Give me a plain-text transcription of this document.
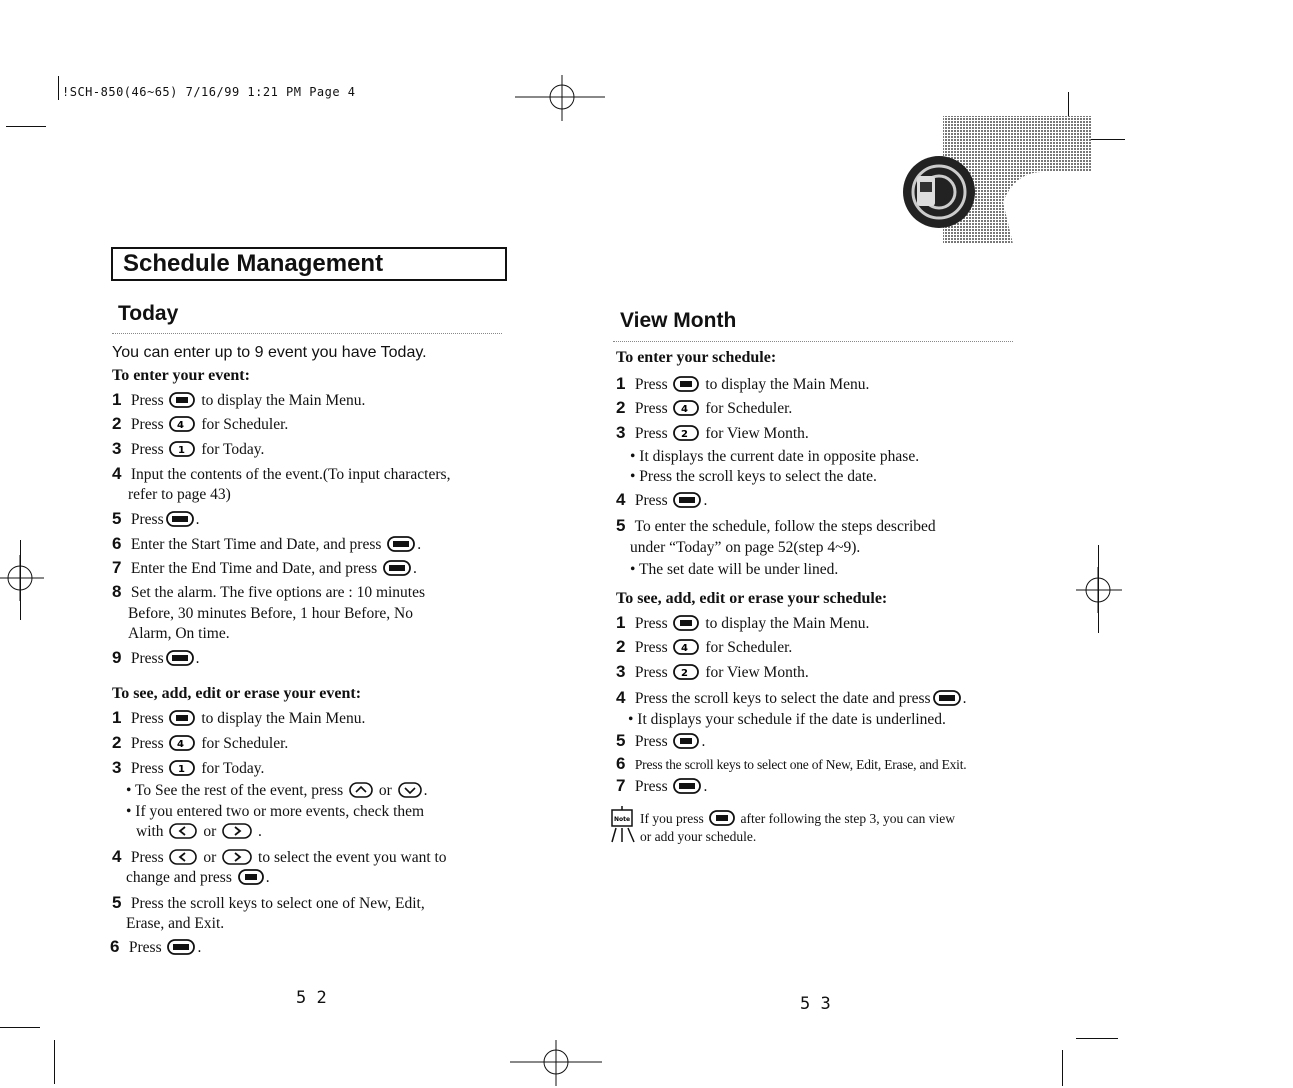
!SCH-850(46~65) 7/16/99 1:21 PM Page 4
Schedule Management
Today
You can enter up to 9 event you have Today.
To enter your event:
1 Press to display the Main Menu.
2 Press 4 for Scheduler.
3 Press 1 for Today.
4 Input the contents of the event.(To input characters,
refer to page 43)
5 Press .
6 Enter the Start Time and Date, and press .
7 Enter the End Time and Date, and press .
8 Set the alarm. The five options are : 10 minutes
Before, 30 minutes Before, 1 hour Before, No
Alarm, On time.
9 Press .
To see, add, edit or erase your event:
1 Press to display the Main Menu.
2 Press 4 for Scheduler.
3 Press 1 for Today.
• To See the rest of the event, press or .
• If you entered two or more events, check them
with	or	.
4 Press	or	to select the event you want to
change and press .
5 Press the scroll keys to select one of New, Edit,
Erase, and Exit.
6 Press .
5 2
View Month
To enter your schedule:
1 Press to display the Main Menu.
2 Press 4 for Scheduler.
3 Press 2 for View Month.
• It displays the current date in opposite phase.
• Press the scroll keys to select the date.
4 Press .
5 To enter the schedule, follow the steps described
under “Today” on page 52(step 4~9).
• The set date will be under lined.
To see, add, edit or erase your schedule:
1 Press to display the Main Menu.
2 Press 4 for Scheduler.
3 Press 2 for View Month.
4 Press the scroll keys to select the date and press .
• It displays your schedule if the date is underlined.
5 Press .
6 Press the scroll keys to select one of New, Edit, Erase, and Exit.
7 Press .
Note If you press	after following the step 3, you can view
or add your schedule.
5 3
